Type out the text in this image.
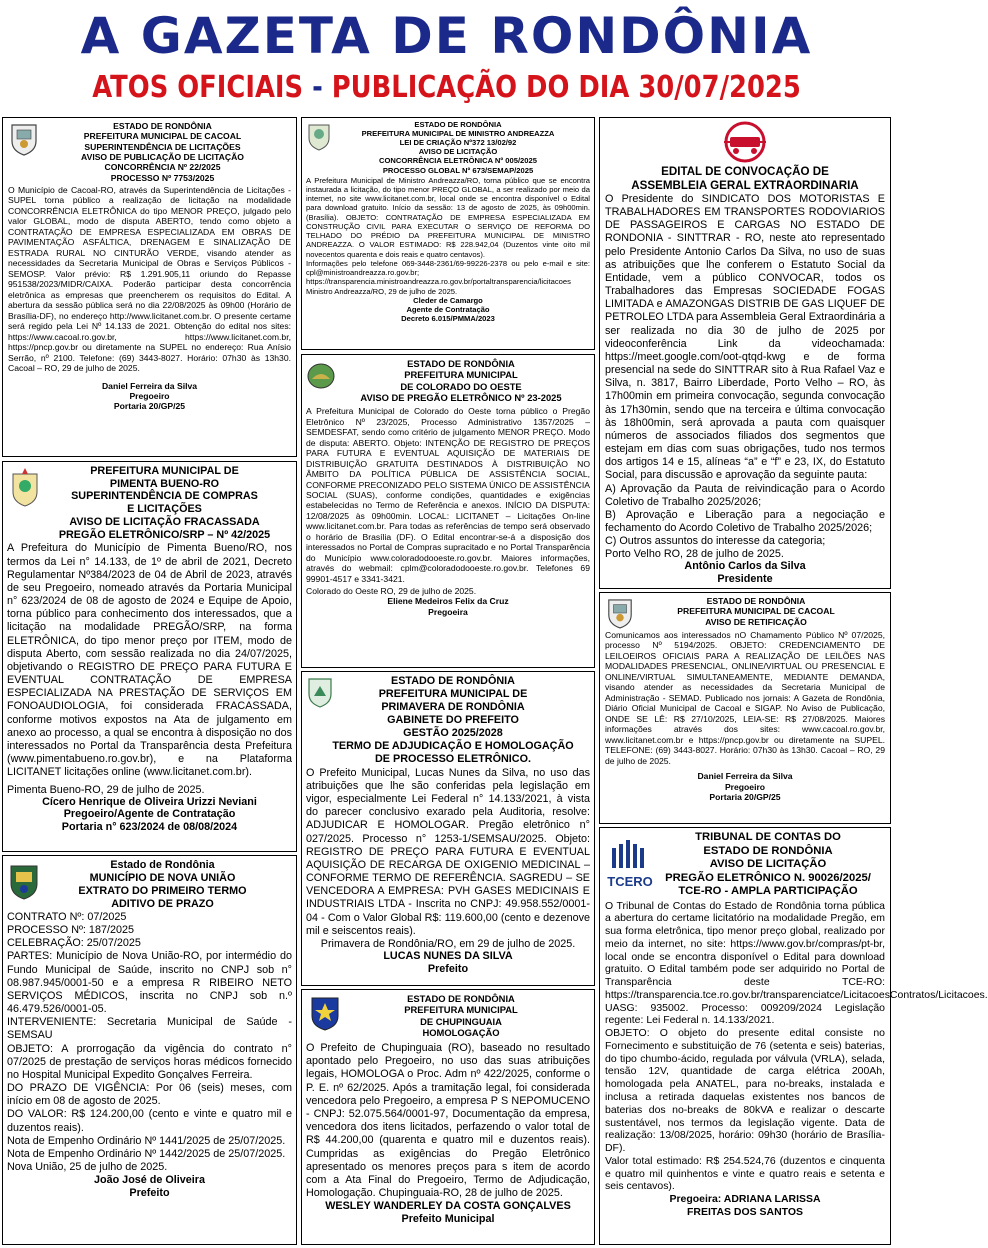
A GAZETA DE RONDÔNIA
ATOS OFICIAIS - PUBLICAÇÃO DO DIA 30/07/2025
ESTADO DE RONDÔNIA
PREFEITURA MUNICIPAL DE CACOAL
SUPERINTENDÊNCIA DE LICITAÇÕES
AVISO DE PUBLICAÇÃO DE LICITAÇÃO
CONCORRÊNCIA Nº 22/2025
PROCESSO Nº 7753/2025
O Município de Cacoal-RO, através da Superintendência de Licitações - SUPEL torna público a realização de licitação na modalidade CONCORRÊNCIA ELETRÔNICA do tipo MENOR PREÇO, julgado pelo valor GLOBAL, modo de disputa ABERTO, tendo como objeto a CONTRATAÇÃO DE EMPRESA ESPECIALIZADA EM OBRAS DE PAVIMENTAÇÃO ASFÁLTICA, DRENAGEM E SINALIZAÇÃO DE ESTRADA RURAL NO CINTURÃO VERDE, visando atender as necessidades da Secretaria Municipal de Obras e Serviços Públicos - SEMOSP. Valor prévio: R$ 1.291.905,11 oriundo do Repasse 951538/2023/MIDR/CAIXA. Poderão participar desta concorrência eletrônica as empresas que preencherem os requisitos do Edital. A abertura da sessão pública será no dia 22/08/2025 às 09h00 (Horário de Brasília-DF), no endereço http://www.licitanet.com.br. O presente certame será regido pela Lei Nº 14.133 de 2021. Obtenção do edital nos sites: https://www.cacoal.ro.gov.br, https://www.licitanet.com.br, https://pncp.gov.br ou diretamente na SUPEL no endereço: Rua Anísio Serrão, nº 2100. Telefone: (69) 3443-8027. Horário: 07h30 às 13h30. Cacoal – RO, 29 de julho de 2025.
Daniel Ferreira da Silva
Pregoeiro
Portaria 20/GP/25
PREFEITURA MUNICIPAL DE
PIMENTA BUENO-RO
SUPERINTENDÊNCIA DE COMPRAS
E LICITAÇÕES
AVISO DE LICITAÇÃO FRACASSADA
PREGÃO ELETRÔNICO/SRP – Nº 42/2025
A Prefeitura do Município de Pimenta Bueno/RO, nos termos da Lei n° 14.133, de 1º de abril de 2021, Decreto Regulamentar Nº384/2023 de 04 de Abril de 2023, através de seu Pregoeiro, nomeado através da Portaria Municipal n° 623/2024 de 08 de agosto de 2024 e Equipe de Apoio, torna público para conhecimento dos interessados, que a licitação na modalidade PREGÃO/SRP, na forma ELETRÔNICA, do tipo menor preço por ITEM, modo de disputa Aberto, com sessão realizada no dia 24/07/2025, objetivando o REGISTRO DE PREÇO PARA FUTURA E EVENTUAL CONTRATAÇÃO DE EMPRESA ESPECIALIZADA NA PRESTAÇÃO DE SERVIÇOS EM FONOAUDIOLOGIA, foi considerada FRACASSADA, conforme motivos expostos na Ata de julgamento em anexo ao processo, a qual se encontra à disposição no dos interessados no Portal da Transparência desta Prefeitura (www.pimentabueno.ro.gov.br), e na Plataforma LICITANET licitações online (www.licitanet.com.br).
Pimenta Bueno-RO, 29 de julho de 2025.
Cícero Henrique de Oliveira Urizzi Neviani
Pregoeiro/Agente de Contratação
Portaria n° 623/2024 de 08/08/2024
Estado de Rondônia
MUNICÍPIO DE NOVA UNIÃO
EXTRATO DO PRIMEIRO TERMO
ADITIVO DE PRAZO
CONTRATO Nº: 07/2025
PROCESSO Nº: 187/2025
CELEBRAÇÃO: 25/07/2025
PARTES: Município de Nova União-RO, por intermédio do Fundo Municipal de Saúde, inscrito no CNPJ sob n° 08.987.945/0001-50 e a empresa R RIBEIRO NETO SERVIÇOS MÉDICOS, inscrita no CNPJ sob n.º 46.479.526/0001-05.
INTERVENIENTE: Secretaria Municipal de Saúde - SEMSAU
OBJETO: A prorrogação da vigência do contrato n° 07/2025 de prestação de serviços horas médicos fornecido no Hospital Municipal Expedito Gonçalves Ferreira.
DO PRAZO DE VIGÊNCIA: Por 06 (seis) meses, com início em 08 de agosto de 2025.
DO VALOR: R$ 124.200,00 (cento e vinte e quatro mil e duzentos reais).
Nota de Empenho Ordinário Nº 1441/2025 de 25/07/2025.
Nota de Empenho Ordinário Nº 1442/2025 de 25/07/2025.
Nova União, 25 de julho de 2025.
João José de Oliveira
Prefeito
ESTADO DE RONDÔNIA
PREFEITURA MUNICIPAL DE MINISTRO ANDREAZZA
LEI DE CRIAÇÃO Nº372 13/02/92
AVISO DE LICITAÇÃO
CONCORRÊNCIA ELETRÔNICA Nº 005/2025
PROCESSO GLOBAL Nº 673/SEMAP/2025
A Prefeitura Municipal de Ministro Andreazza/RO, torna público que se encontra instaurada a licitação, do tipo menor PREÇO GLOBAL, a ser realizado por meio da internet, no site www.licitanet.com.br, local onde se encontra disponível o Edital para download gratuito. Início da sessão: 13 de agosto de 2025, às 09h00min. (Brasília). OBJETO: CONTRATAÇÃO DE EMPRESA ESPECIALIZADA EM CONSTRUÇÃO CIVIL PARA EXECUTAR O SERVIÇO DE REFORMA DO TELHADO DO PRÉDIO DA PREFEITURA MUNICIPAL DE MINISTRO ANDREAZZA. O VALOR ESTIMADO: R$ 228.942,04 (Duzentos vinte oito mil novecentos quarenta e dois reais e quatro centavos).
Informações pelo telefone 069-3448-2361/69-99226-2378 ou pelo e-mail e site: cpl@ministroandreazza.ro.gov.br; https://transparencia.ministroandreazza.ro.gov.br/portaltransparencia/licitacoes
Ministro Andreazza/RO, 29 de julho de 2025.
Cleder de Camargo
Agente de Contratação
Decreto 6.015/PMMA/2023
ESTADO DE RONDÔNIA
PREFEITURA MUNICIPAL
DE COLORADO DO OESTE
AVISO DE PREGÃO ELETRÔNICO Nº 23-2025
A Prefeitura Municipal de Colorado do Oeste torna público o Pregão Eletrônico Nº 23/2025, Processo Administrativo 1357/2025 – SEMDESFAT, sendo como critério de julgamento MENOR PREÇO. Modo de disputa: ABERTO. Objeto: INTENÇÃO DE REGISTRO DE PREÇOS PARA FUTURA E EVENTUAL AQUISIÇÃO DE MATERIAIS DE DISTRIBUIÇÃO GRATUITA DESTINADOS À DISTRIBUIÇÃO NO ÂMBITO DA POLÍTICA PÚBLICA DE ASSISTÊNCIA SOCIAL, CONFORME PRECONIZADO PELO SISTEMA ÚNICO DE ASSISTÊNCIA SOCIAL (SUAS), conforme condições, quantidades e exigências estabelecidas no Termo de Referência e anexos. INÍCIO DA DISPUTA: 12/08/2025 às 09h00min. LOCAL: LICITANET – Licitações On-line www.licitanet.com.br. Para todas as referências de tempo será observado o horário de Brasília (DF). O Edital encontrar-se-á a disposição dos interessados no Portal de Compras supracitado e no Portal Transparência do Município www.coloradodooeste.ro.gov.br. Maiores informações, através do webmail: cplm@coloradodooeste.ro.gov.br. Telefones 69 99901-4517 e 3341-3421.
Colorado do Oeste RO, 29 de julho de 2025.
Eliene Medeiros Felix da Cruz
Pregoeira
ESTADO DE RONDÔNIA
PREFEITURA MUNICIPAL DE
PRIMAVERA DE RONDÔNIA
GABINETE DO PREFEITO
GESTÃO 2025/2028
TERMO DE ADJUDICAÇÃO E HOMOLOGAÇÃO
DE PROCESSO ELETRÔNICO.
O Prefeito Municipal, Lucas Nunes da Silva, no uso das atribuições que lhe são conferidas pela legislação em vigor, especialmente Lei Federal n° 14.133/2021, à vista do parecer conclusivo exarado pela Auditoria, resolve: ADJUDICAR E HOMOLOGAR. Pregão eletrônico n° 027/2025. Processo n° 1253-1/SEMSAU/2025. Objeto: REGISTRO DE PREÇO PARA FUTURA E EVENTUAL AQUISIÇÃO DE RECARGA DE OXIGENIO MEDICINAL – CONFORME TERMO DE REFERÊNCIA. SAGREDU – SE VENCEDORA A EMPRESA: PVH GASES MEDICINAIS E INDUSTRIAIS LTDA - Inscrita no CNPJ: 49.958.552/0001-04 - Com o Valor Global R$: 119.600,00 (cento e dezenove mil e seiscentos reais).
Primavera de Rondônia/RO, em 29 de julho de 2025.
LUCAS NUNES DA SILVA
Prefeito
ESTADO DE RONDÔNIA
PREFEITURA MUNICIPAL
DE CHUPINGUAIA
HOMOLOGAÇÃO
O Prefeito de Chupinguaia (RO), baseado no resultado apontado pelo Pregoeiro, no uso das suas atribuições legais, HOMOLOGA o Proc. Adm nº 422/2025, conforme o P. E. nº 62/2025. Após a tramitação legal, foi considerada vencedora pelo Pregoeiro, a empresa P S NEPOMUCENO - CNPJ: 52.075.564/0001-97, Documentação da empresa, vencedora dos itens licitados, perfazendo o valor total de R$ 44.200,00 (quarenta e quatro mil e duzentos reais). Cumpridas as exigências do Pregão Eletrônico apresentado os menores preços para s item de acordo com a Ata Final do Pregoeiro, Termo de Adjudicação, Homologação. Chupinguaia-RO, 28 de julho de 2025.
WESLEY WANDERLEY DA COSTA GONÇALVES
Prefeito Municipal
EDITAL DE CONVOCAÇÃO DE
ASSEMBLEIA GERAL EXTRAORDINARIA
O Presidente do SINDICATO DOS MOTORISTAS E TRABALHADORES EM TRANSPORTES RODOVIARIOS DE PASSAGEIROS E CARGAS NO ESTADO DE RONDONIA - SINTTRAR - RO, neste ato representado pelo Presidente Antonio Carlos Da Silva, no uso de suas as atribuições que lhe conferem o Estatuto Social da Entidade, vem a público CONVOCAR, todos os Trabalhadores das Empresas SOCIEDADE FOGAS LIMITADA e AMAZONGAS DISTRIB DE GAS LIQUEF DE PETROLEO LTDA para Assembleia Geral Extraordinária a ser realizada no dia 30 de julho de 2025 por videoconferência Link da videochamada: https://meet.google.com/oot-qtqd-kwg e de forma presencial na sede do SINTTRAR sito à Rua Rafael Vaz e Silva, n. 3817, Bairro Liberdade, Porto Velho – RO, às 17h00min em primeira convocação, segunda convocação às 17h30min, sendo que na terceira e última convocação às 18h00min, será aprovada a pauta com quaisquer números de associados filiados dos segmentos que estejam em dias com suas obrigações, tudo nos termos dos artigos 14 e 15, alíneas “a” e “f” e 23, IX, do Estatuto Social, para discussão e aprovação da seguinte pauta:
A) Aprovação da Pauta de reivindicação para o Acordo Coletivo de Trabalho 2025/2026;
B) Aprovação e Liberação para a negociação e fechamento do Acordo Coletivo de Trabalho 2025/2026;
C) Outros assuntos do interesse da categoria;
Porto Velho RO, 28 de julho de 2025.
Antônio Carlos da Silva
Presidente
ESTADO DE RONDÔNIA
PREFEITURA MUNICIPAL DE CACOAL
AVISO DE RETIFICAÇÃO
Comunicamos aos interessados nO Chamamento Público Nº 07/2025, processo Nº 5194/2025. OBJETO: CREDENCIAMENTO DE LEILOEIROS OFICIAIS PARA A REALIZAÇÃO DE LEILÕES NAS MODALIDADES PRESENCIAL, ONLINE/VIRTUAL OU PRESENCIAL E ONLINE/VIRTUAL SIMULTANEAMENTE, MEDIANTE DEMANDA, visando atender as necessidades da Secretaria Municipal de Administração - SEMAD. Publicado nos jornais: A Gazeta de Rondônia, Diário Oficial Municipal de Cacoal e SIGAP. No Aviso de Publicação, ONDE SE LÊ: R$ 27/10/2025, LEIA-SE: R$ 27/08/2025. Maiores informações através dos sites: www.cacoal.ro.gov.br, www.licitanet.com.br e https://pncp.gov.br ou diretamente na SUPEL. TELEFONE: (69) 3443-8027. Horário: 07h30 às 13h30. Cacoal – RO, 29 de julho de 2025.
Daniel Ferreira da Silva
Pregoeiro
Portaria 20/GP/25
TCERO
TRIBUNAL DE CONTAS DO
ESTADO DE RONDÔNIA
AVISO DE LICITAÇÃO
PREGÃO ELETRÔNICO N. 90026/2025/
TCE-RO - AMPLA PARTICIPAÇÃO
O Tribunal de Contas do Estado de Rondônia torna pública a abertura do certame licitatório na modalidade Pregão, em sua forma eletrônica, tipo menor preço global, realizado por meio da internet, no site: https://www.gov.br/compras/pt-br, local onde se encontra disponível o Edital para download gratuito. O Edital também pode ser adquirido no Portal de Transparência deste TCE-RO: https://transparencia.tce.ro.gov.br/transparenciatce/LicitacoesContratos/Licitacoes.
UASG: 935002. Processo: 009209/2024 Legislação regente: Lei Federal n. 14.133/2021.
OBJETO: O objeto do presente edital consiste no Fornecimento e substituição de 76 (setenta e seis) baterias, do tipo chumbo-ácido, regulada por válvula (VRLA), selada, tensão 12V, quantidade de carga elétrica 200Ah, homologada pela ANATEL, para no-breaks, instalada e inclusa a retirada daquelas existentes nos bancos de baterias dos no-breaks de 80kVA e realizar o descarte sustentável, nos termos da legislação vigente. Data de realização: 13/08/2025, horário: 09h30 (horário de Brasília-DF).
Valor total estimado: R$ 254.524,76 (duzentos e cinquenta e quatro mil quinhentos e vinte e quatro reais e setenta e seis centavos).
Pregoeira: ADRIANA LARISSA
FREITAS DOS SANTOS
